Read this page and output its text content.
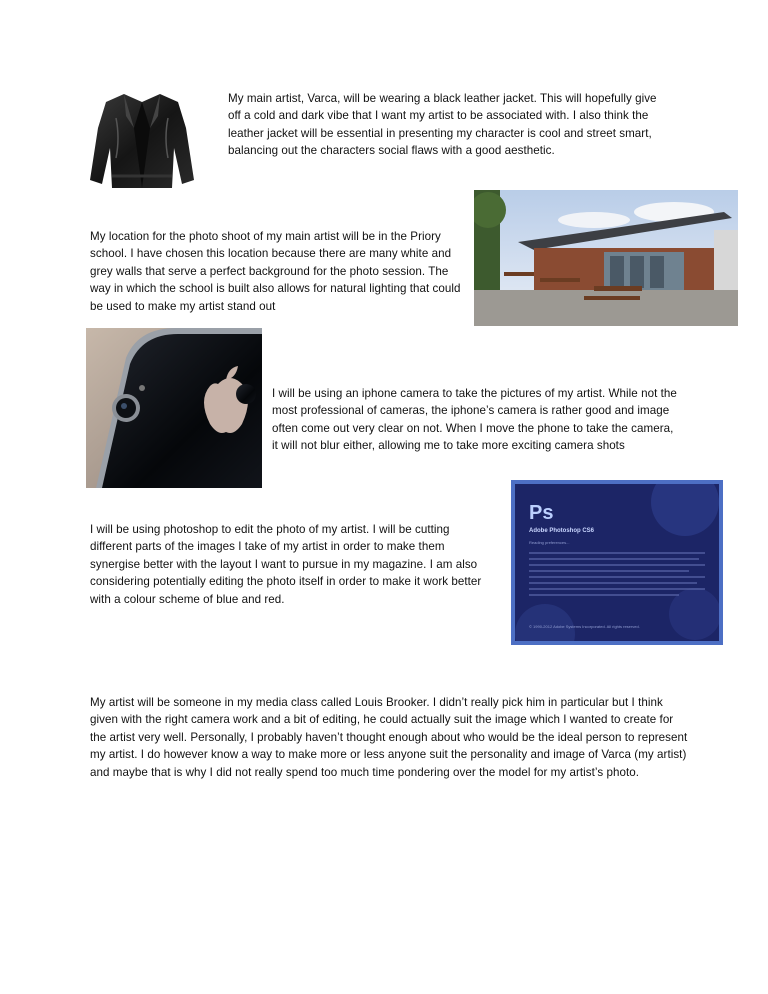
My main artist, Varca, will be wearing a black leather jacket. This will hopefully give off a cold and dark vibe that I want my artist to be associated with. I also think the leather jacket will be essential in presenting my character is cool and street smart, balancing out the characters social flaws with a good aesthetic.

My location for the photo shoot of my main artist will be in the Priory school. I have chosen this location because there are many white and grey walls that serve a perfect background for the photo session. The way in which the school is built also allows for natural lighting that could be used to make my artist stand out

I will be using an iphone camera to take the pictures of my artist. While not the most professional of cameras, the iphone’s camera is rather good and image often come out very clear on not. When I move the phone to take the camera, it will not blur either, allowing me to take more exciting camera shots

I will be using photoshop to edit the photo of my artist. I will be cutting different parts of the images I take of my artist in order to make them synergise better with the layout I want to pursue in my magazine. I am also considering potentially editing the photo itself in order to make it work better with a colour scheme of blue and red.

Ps
Adobe Photoshop CS6
Reading preferences...
© 1990-2012 Adobe Systems Incorporated. All rights reserved.

My artist will be someone in my media class called Louis Brooker. I didn’t really pick him in particular but I think given with the right camera work and a bit of editing, he could actually suit the image which I wanted to create for the artist very well. Personally, I probably haven’t thought enough about who would be the ideal person to represent my artist. I do however know a way to make more or less anyone suit the personality and image of Varca (my artist) and maybe that is why I did not really spend too much time pondering over the model for my artist’s photo.
